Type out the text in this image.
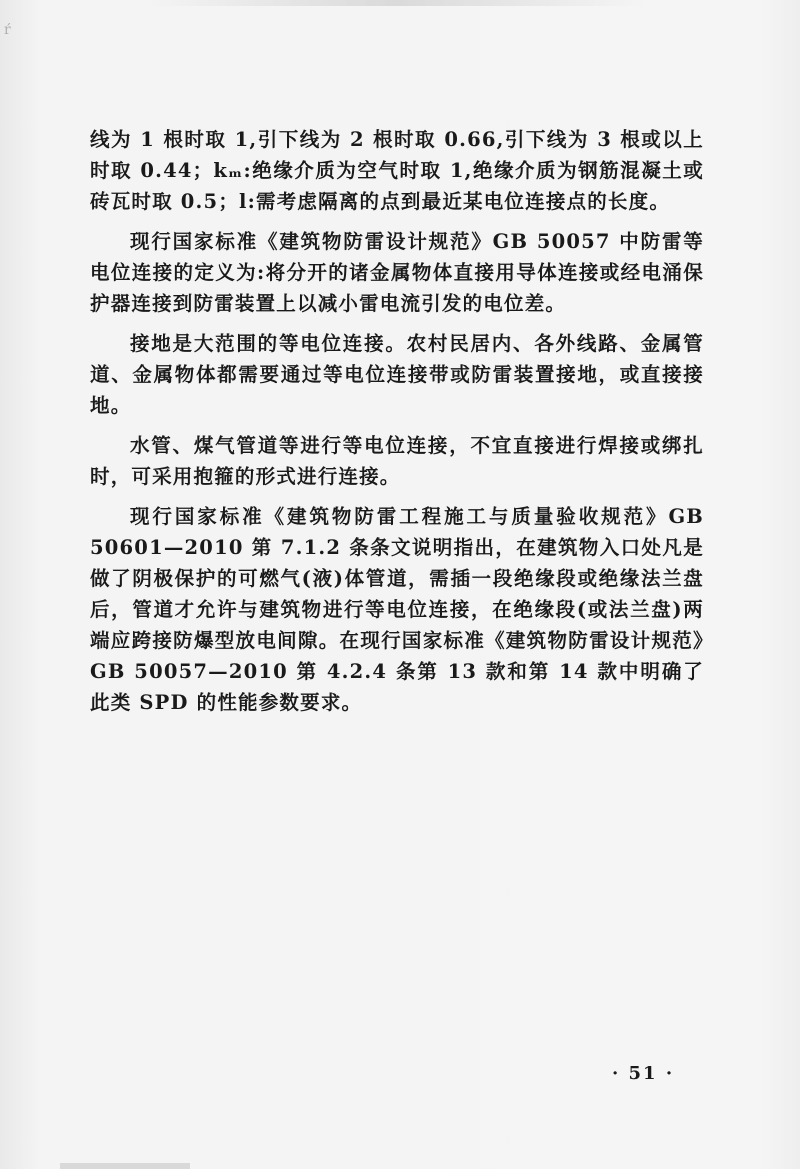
ŕ

线为 1 根时取 1,引下线为 2 根时取 0.66,引下线为 3 根或以上时取 0.44；kₘ:绝缘介质为空气时取 1,绝缘介质为钢筋混凝土或砖瓦时取 0.5；l:需考虑隔离的点到最近某电位连接点的长度。

现行国家标准《建筑物防雷设计规范》GB 50057 中防雷等电位连接的定义为:将分开的诸金属物体直接用导体连接或经电涌保护器连接到防雷装置上以减小雷电流引发的电位差。

接地是大范围的等电位连接。农村民居内、各外线路、金属管道、金属物体都需要通过等电位连接带或防雷装置接地，或直接接地。

水管、煤气管道等进行等电位连接，不宜直接进行焊接或绑扎时，可采用抱箍的形式进行连接。

现行国家标准《建筑物防雷工程施工与质量验收规范》GB 50601—2010 第 7.1.2 条条文说明指出，在建筑物入口处凡是做了阴极保护的可燃气(液)体管道，需插一段绝缘段或绝缘法兰盘后，管道才允许与建筑物进行等电位连接，在绝缘段(或法兰盘)两端应跨接防爆型放电间隙。在现行国家标准《建筑物防雷设计规范》GB 50057—2010 第 4.2.4 条第 13 款和第 14 款中明确了此类 SPD 的性能参数要求。

· 51 ·
